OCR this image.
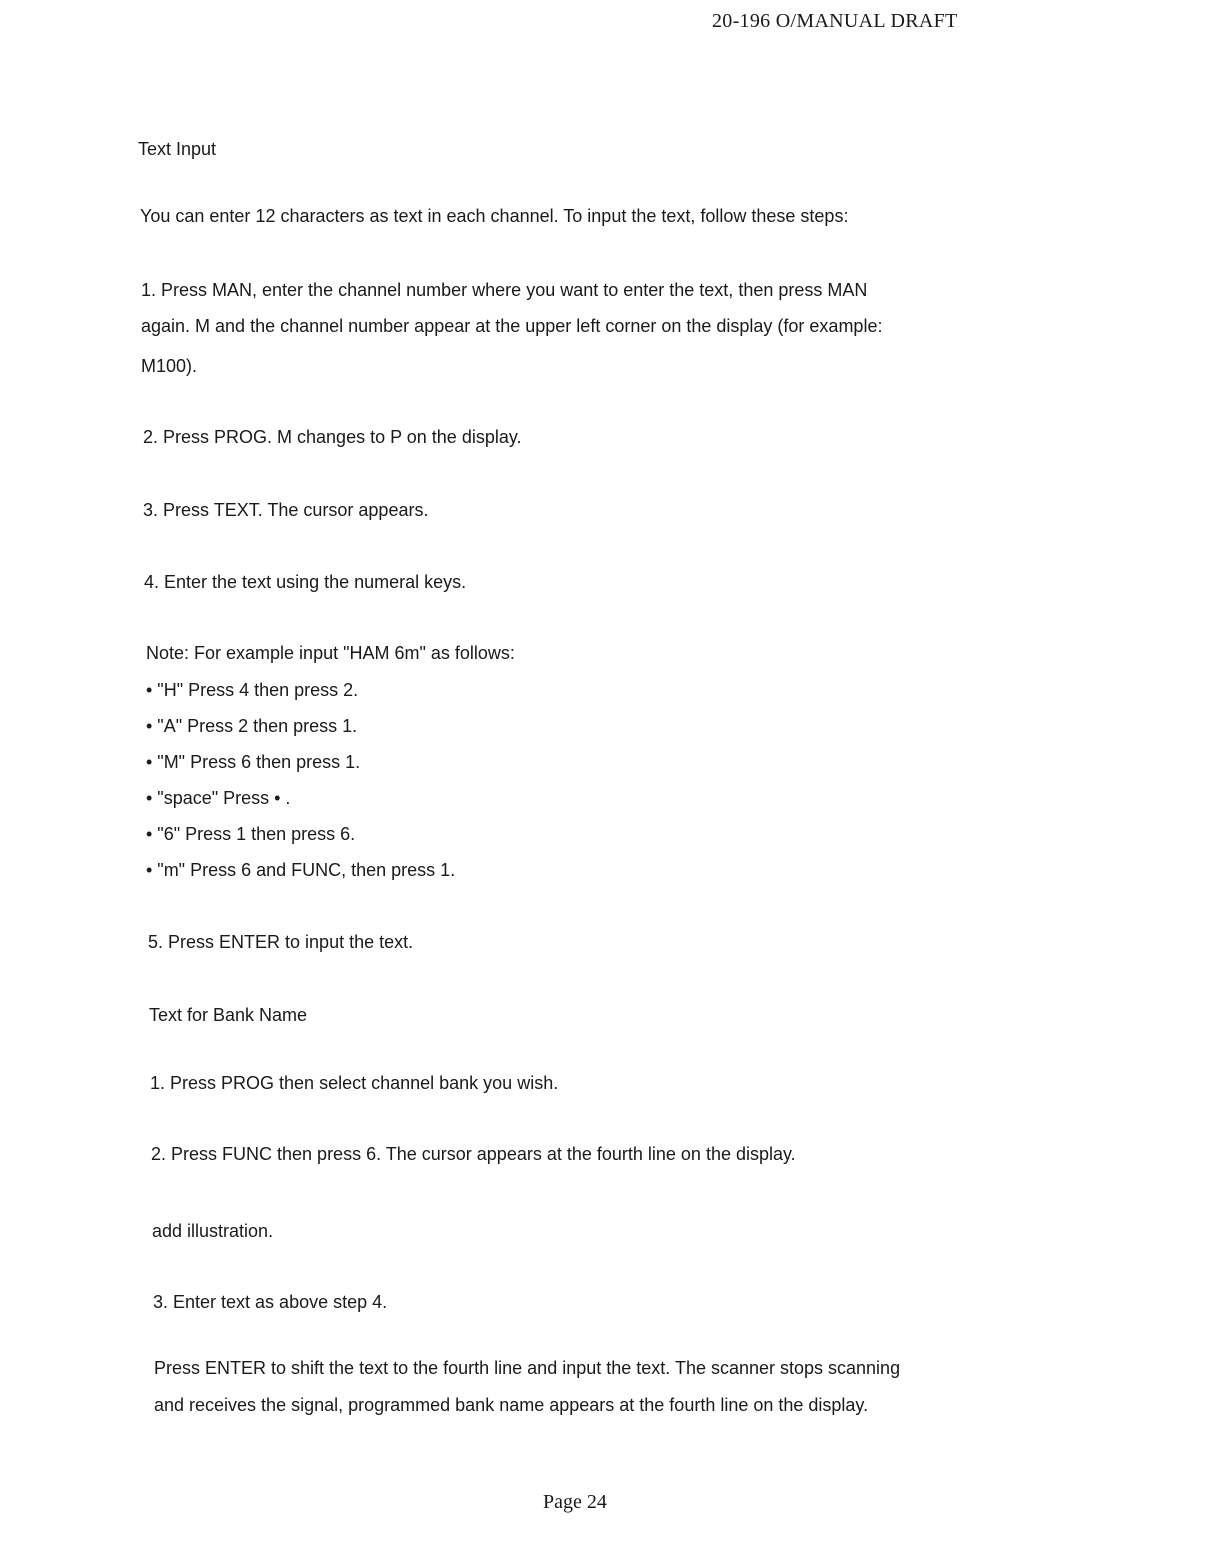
20-196 O/MANUAL DRAFT
Text Input
You can enter 12 characters as text in each channel. To input the text, follow these steps:
1. Press MAN, enter the channel number where you want to enter the text, then press MAN
again. M and the channel number appear at the upper left corner on the display (for example:
M100).
2. Press PROG. M changes to P on the display.
3. Press TEXT. The cursor appears.
4. Enter the text using the numeral keys.
Note: For example input "HAM 6m" as follows:
• "H" Press 4 then press 2.
• "A" Press 2 then press 1.
• "M" Press 6 then press 1.
• "space" Press • .
• "6" Press 1 then press 6.
• "m" Press 6 and FUNC, then press 1.
5. Press ENTER to input the text.
Text for Bank Name
1. Press PROG then select channel bank you wish.
2. Press FUNC then press 6. The cursor appears at the fourth line on the display.
add illustration.
3. Enter text as above step 4.
Press ENTER to shift the text to the fourth line and input the text. The scanner stops scanning
and receives the signal, programmed bank name appears at the fourth line on the display.
Page 24
